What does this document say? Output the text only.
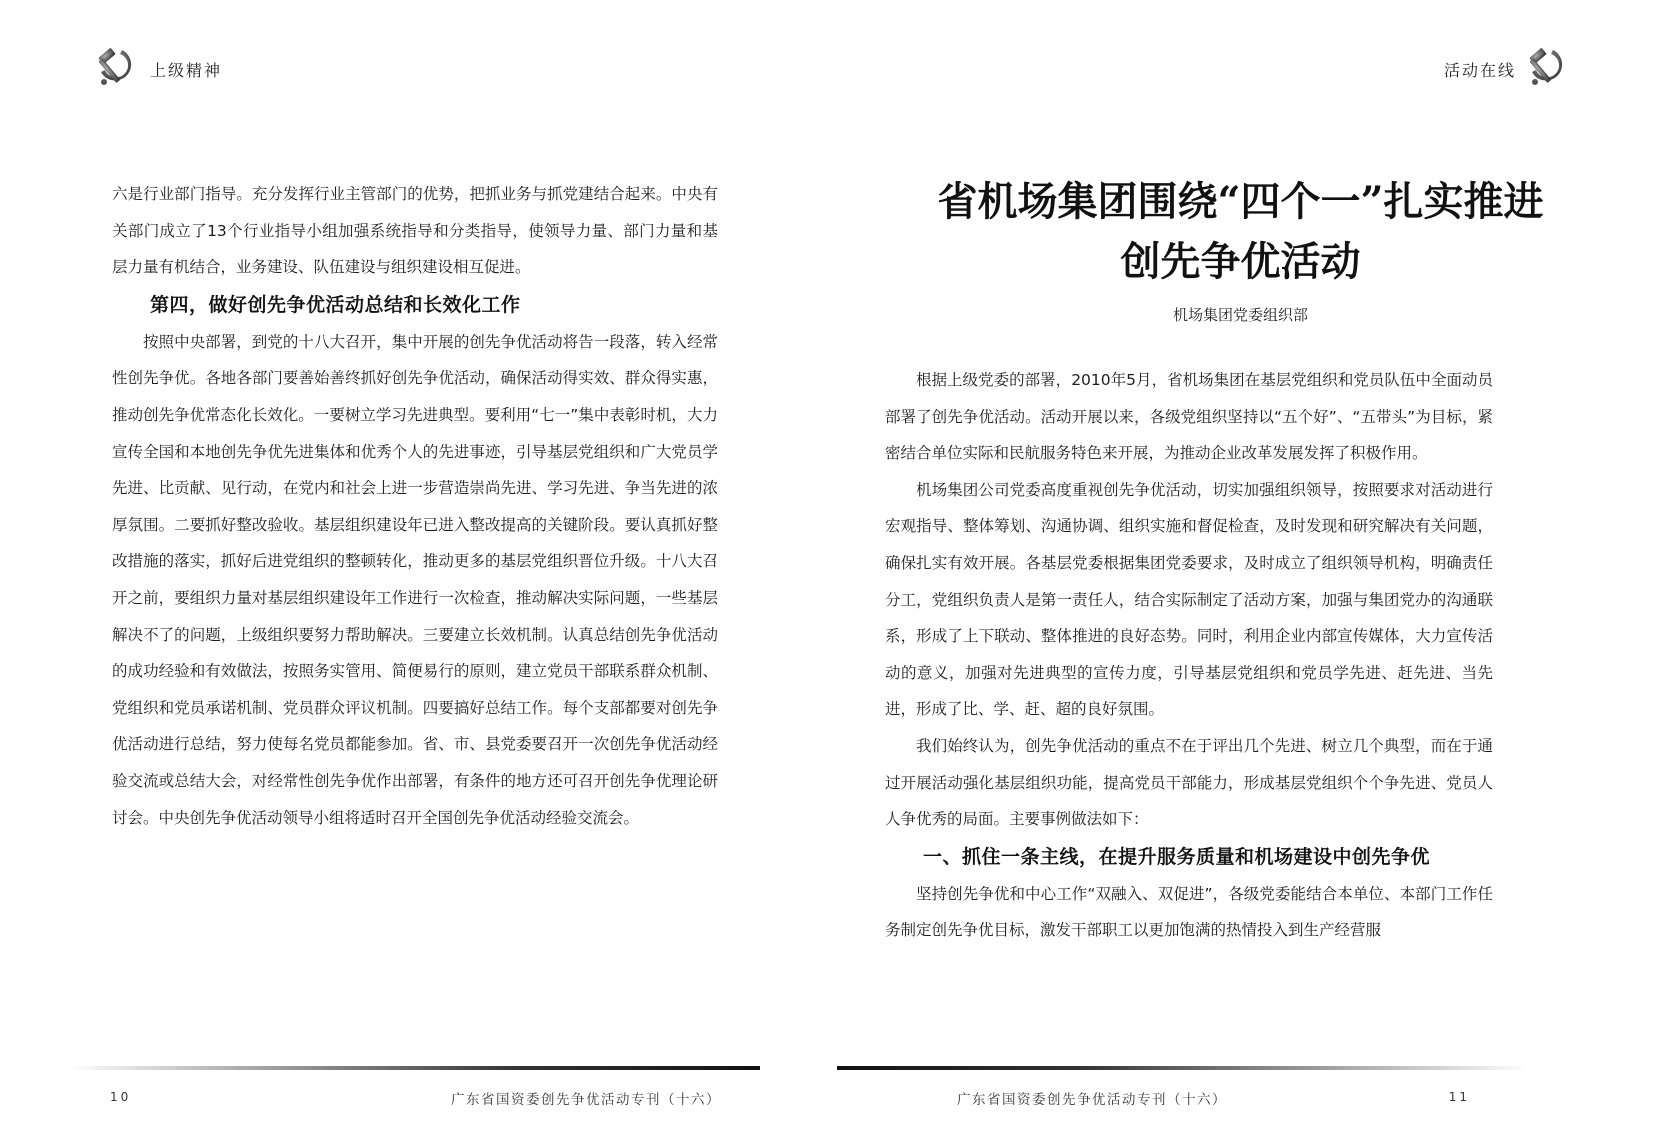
上级精神

六是行业部门指导。充分发挥行业主管部门的优势，把抓业务与抓党建结合起来。中央有关部门成立了13个行业指导小组加强系统指导和分类指导，使领导力量、部门力量和基层力量有机结合，业务建设、队伍建设与组织建设相互促进。

第四，做好创先争优活动总结和长效化工作

按照中央部署，到党的十八大召开，集中开展的创先争优活动将告一段落，转入经常性创先争优。各地各部门要善始善终抓好创先争优活动，确保活动得实效、群众得实惠，推动创先争优常态化长效化。一要树立学习先进典型。要利用“七一”集中表彰时机，大力宣传全国和本地创先争优先进集体和优秀个人的先进事迹，引导基层党组织和广大党员学先进、比贡献、见行动，在党内和社会上进一步营造崇尚先进、学习先进、争当先进的浓厚氛围。二要抓好整改验收。基层组织建设年已进入整改提高的关键阶段。要认真抓好整改措施的落实，抓好后进党组织的整顿转化，推动更多的基层党组织晋位升级。十八大召开之前，要组织力量对基层组织建设年工作进行一次检查，推动解决实际问题，一些基层解决不了的问题，上级组织要努力帮助解决。三要建立长效机制。认真总结创先争优活动的成功经验和有效做法，按照务实管用、简便易行的原则，建立党员干部联系群众机制、党组织和党员承诺机制、党员群众评议机制。四要搞好总结工作。每个支部都要对创先争优活动进行总结，努力使每名党员都能参加。省、市、县党委要召开一次创先争优活动经验交流或总结大会，对经常性创先争优作出部署，有条件的地方还可召开创先争优理论研讨会。中央创先争优活动领导小组将适时召开全国创先争优活动经验交流会。

10	广东省国资委创先争优活动专刊（十六）
活动在线
省机场集团围绕“四个一”扎实推进
创先争优活动
机场集团党委组织部

根据上级党委的部署，2010年5月，省机场集团在基层党组织和党员队伍中全面动员部署了创先争优活动。活动开展以来，各级党组织坚持以“五个好”、“五带头”为目标，紧密结合单位实际和民航服务特色来开展，为推动企业改革发展发挥了积极作用。

机场集团公司党委高度重视创先争优活动，切实加强组织领导，按照要求对活动进行宏观指导、整体筹划、沟通协调、组织实施和督促检查，及时发现和研究解决有关问题，确保扎实有效开展。各基层党委根据集团党委要求，及时成立了组织领导机构，明确责任分工，党组织负责人是第一责任人，结合实际制定了活动方案，加强与集团党办的沟通联系，形成了上下联动、整体推进的良好态势。同时，利用企业内部宣传媒体，大力宣传活动的意义，加强对先进典型的宣传力度，引导基层党组织和党员学先进、赶先进、当先进，形成了比、学、赶、超的良好氛围。

我们始终认为，创先争优活动的重点不在于评出几个先进、树立几个典型，而在于通过开展活动强化基层组织功能，提高党员干部能力，形成基层党组织个个争先进、党员人人争优秀的局面。主要事例做法如下：

一、抓住一条主线，在提升服务质量和机场建设中创先争优

坚持创先争优和中心工作“双融入、双促进”，各级党委能结合本单位、本部门工作任务制定创先争优目标，激发干部职工以更加饱满的热情投入到生产经营服

广东省国资委创先争优活动专刊（十六）	11
